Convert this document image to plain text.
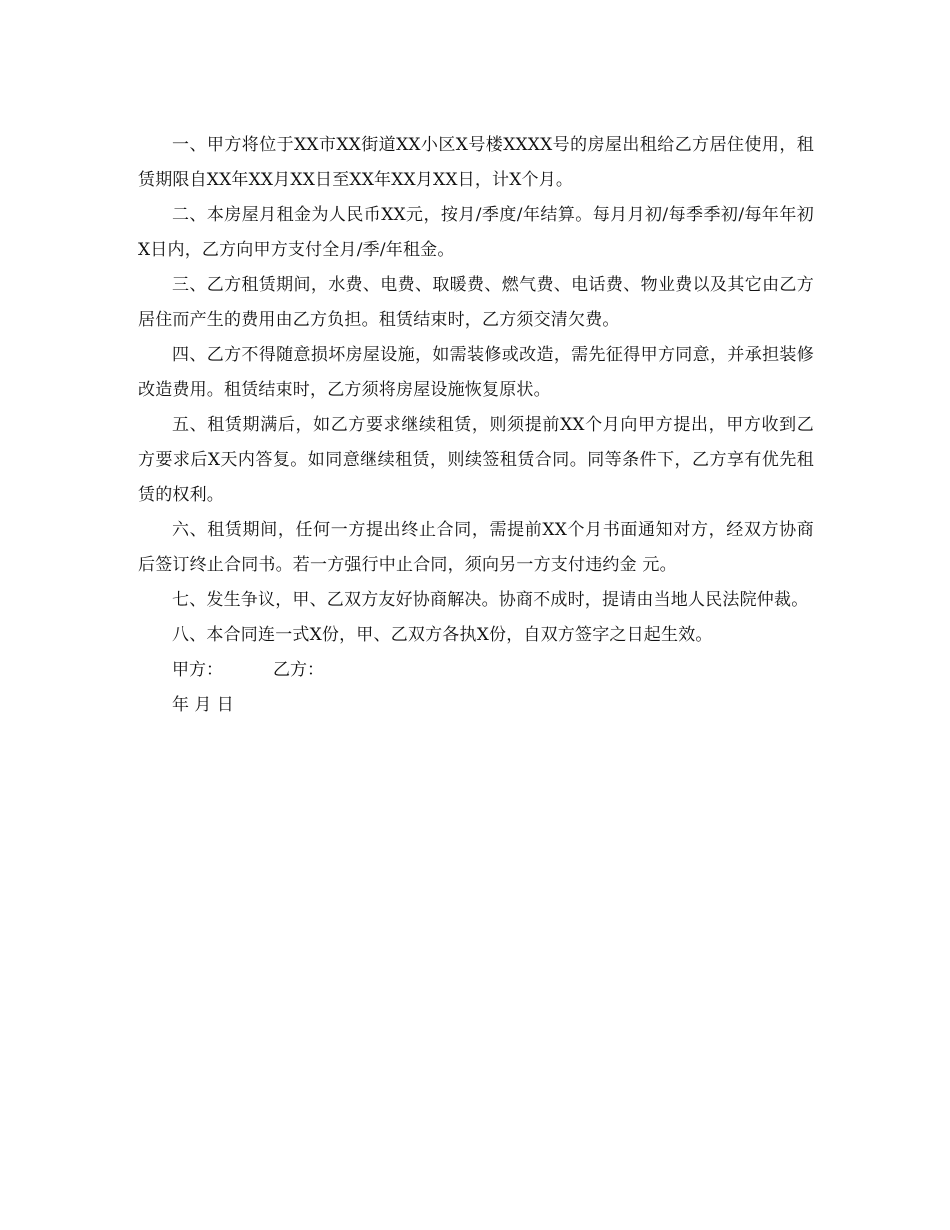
一、甲方将位于XX市XX街道XX小区X号楼XXXX号的房屋出租给乙方居住使用，租赁期限自XX年XX月XX日至XX年XX月XX日，计X个月。

二、本房屋月租金为人民币XX元，按月/季度/年结算。每月月初/每季季初/每年年初X日内，乙方向甲方支付全月/季/年租金。

三、乙方租赁期间，水费、电费、取暖费、燃气费、电话费、物业费以及其它由乙方居住而产生的费用由乙方负担。租赁结束时，乙方须交清欠费。

四、乙方不得随意损坏房屋设施，如需装修或改造，需先征得甲方同意，并承担装修改造费用。租赁结束时，乙方须将房屋设施恢复原状。

五、租赁期满后，如乙方要求继续租赁，则须提前XX个月向甲方提出，甲方收到乙方要求后X天内答复。如同意继续租赁，则续签租赁合同。同等条件下，乙方享有优先租赁的权利。

六、租赁期间，任何一方提出终止合同，需提前XX个月书面通知对方，经双方协商后签订终止合同书。若一方强行中止合同，须向另一方支付违约金 元。

七、发生争议，甲、乙双方友好协商解决。协商不成时，提请由当地人民法院仲裁。

八、本合同连一式X份，甲、乙双方各执X份，自双方签字之日起生效。

甲方：	乙方：

年 月 日
